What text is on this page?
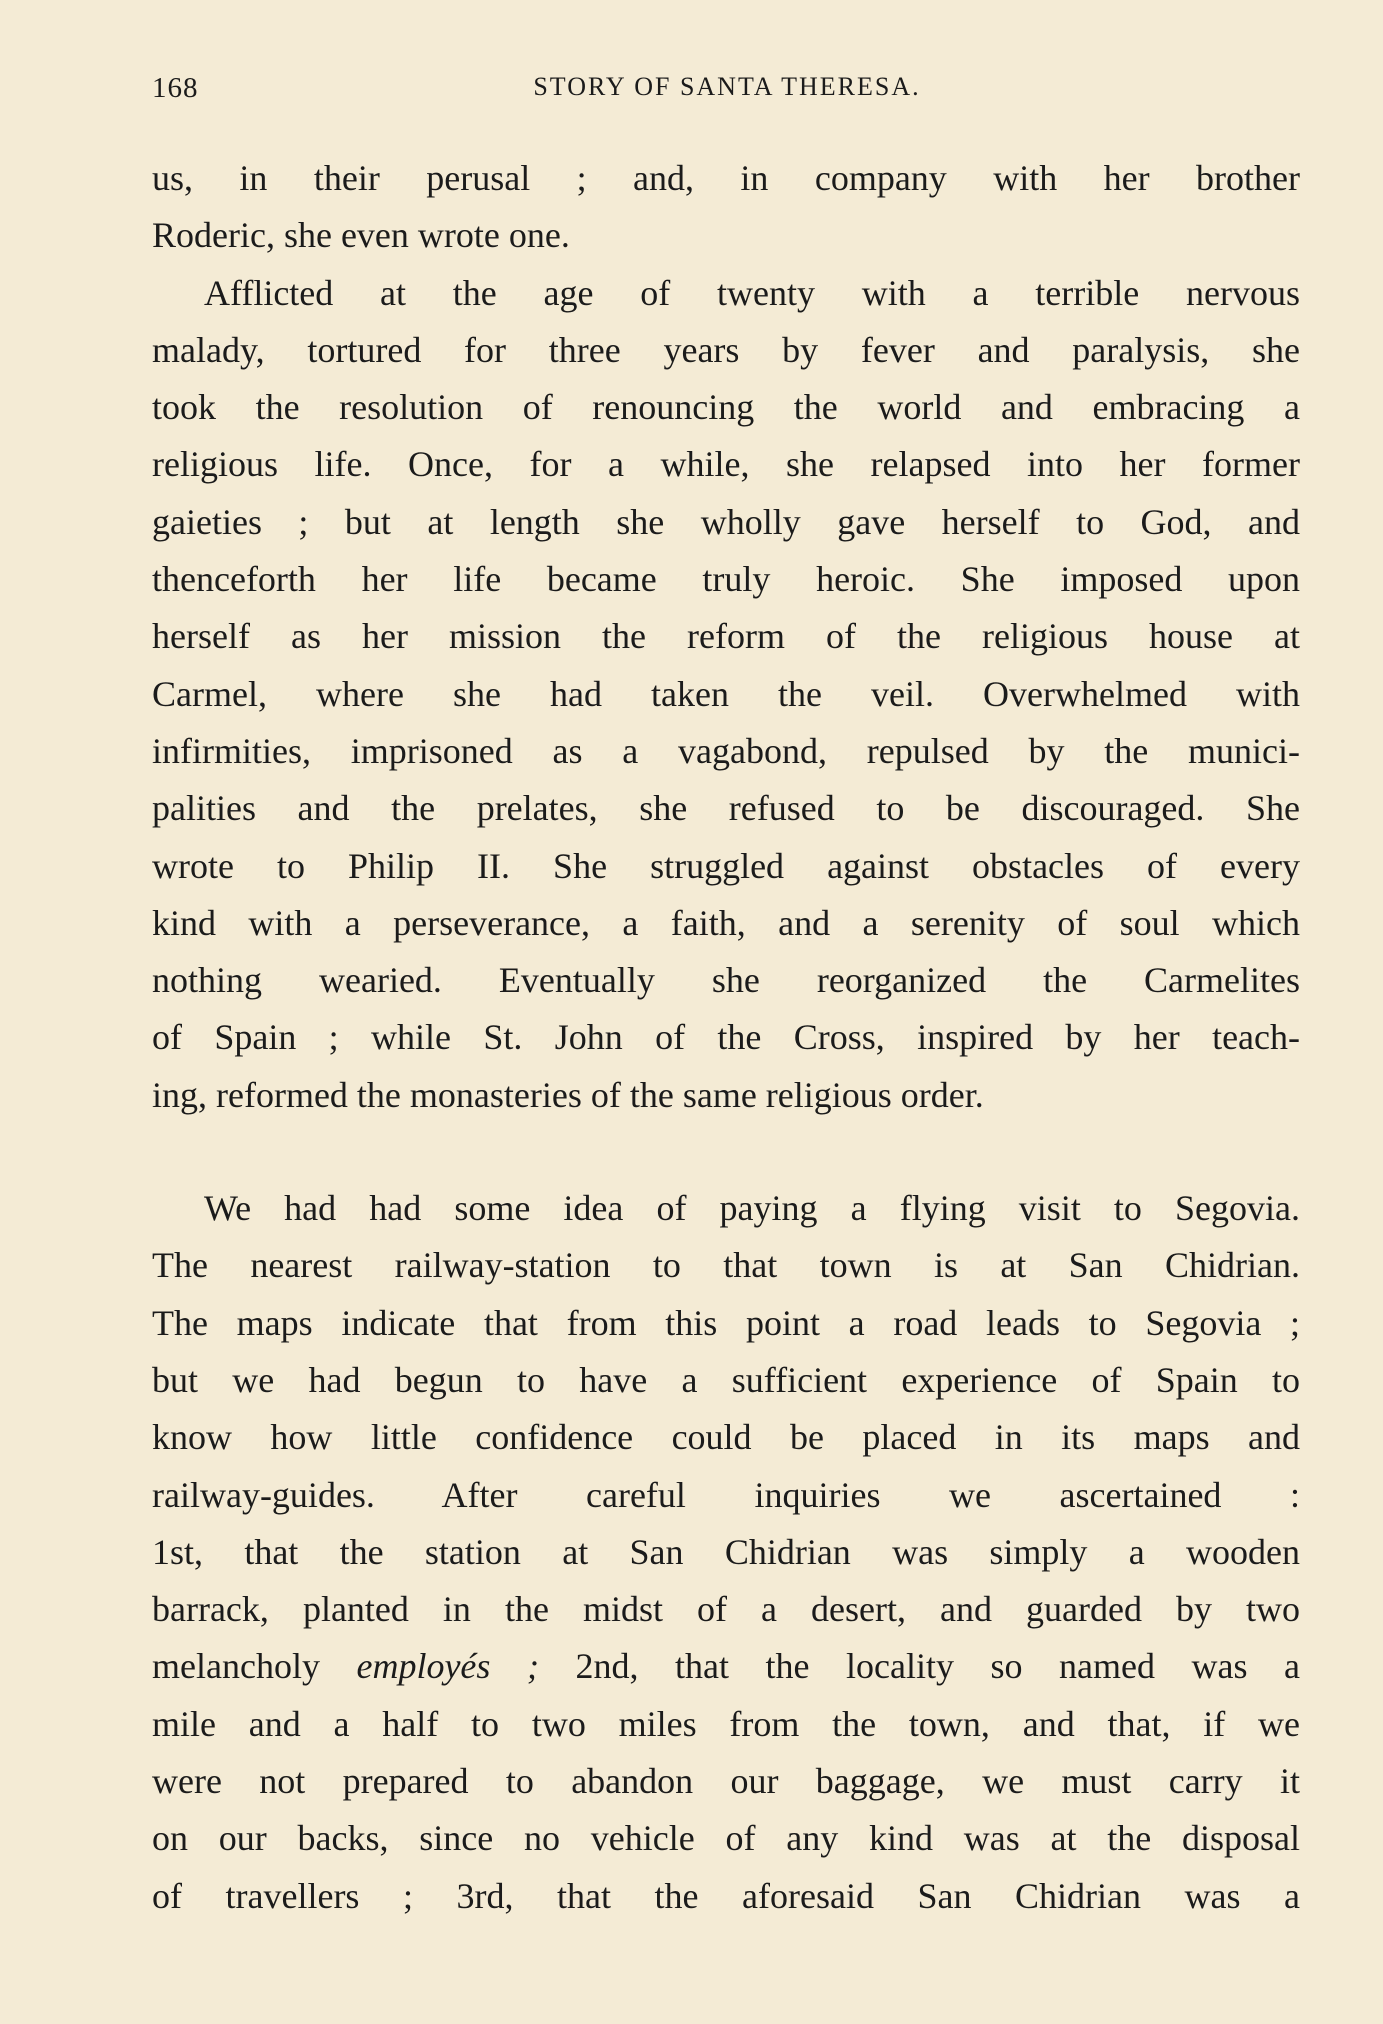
168	STORY OF SANTA THERESA.
us, in their perusal ; and, in company with her brother
Roderic, she even wrote one.
Afflicted at the age of twenty with a terrible nervous
malady, tortured for three years by fever and paralysis, she
took the resolution of renouncing the world and embracing a
religious life. Once, for a while, she relapsed into her former
gaieties ; but at length she wholly gave herself to God, and
thenceforth her life became truly heroic. She imposed upon
herself as her mission the reform of the religious house at
Carmel, where she had taken the veil. Overwhelmed with
infirmities, imprisoned as a vagabond, repulsed by the munici-
palities and the prelates, she refused to be discouraged. She
wrote to Philip II. She struggled against obstacles of every
kind with a perseverance, a faith, and a serenity of soul which
nothing wearied. Eventually she reorganized the Carmelites
of Spain ; while St. John of the Cross, inspired by her teach-
ing, reformed the monasteries of the same religious order.
We had had some idea of paying a flying visit to Segovia.
The nearest railway-station to that town is at San Chidrian.
The maps indicate that from this point a road leads to Segovia ;
but we had begun to have a sufficient experience of Spain to
know how little confidence could be placed in its maps and
railway-guides. After careful inquiries we ascertained :
1st, that the station at San Chidrian was simply a wooden
barrack, planted in the midst of a desert, and guarded by two
melancholy employés ; 2nd, that the locality so named was a
mile and a half to two miles from the town, and that, if we
were not prepared to abandon our baggage, we must carry it
on our backs, since no vehicle of any kind was at the disposal
of travellers ; 3rd, that the aforesaid San Chidrian was a
